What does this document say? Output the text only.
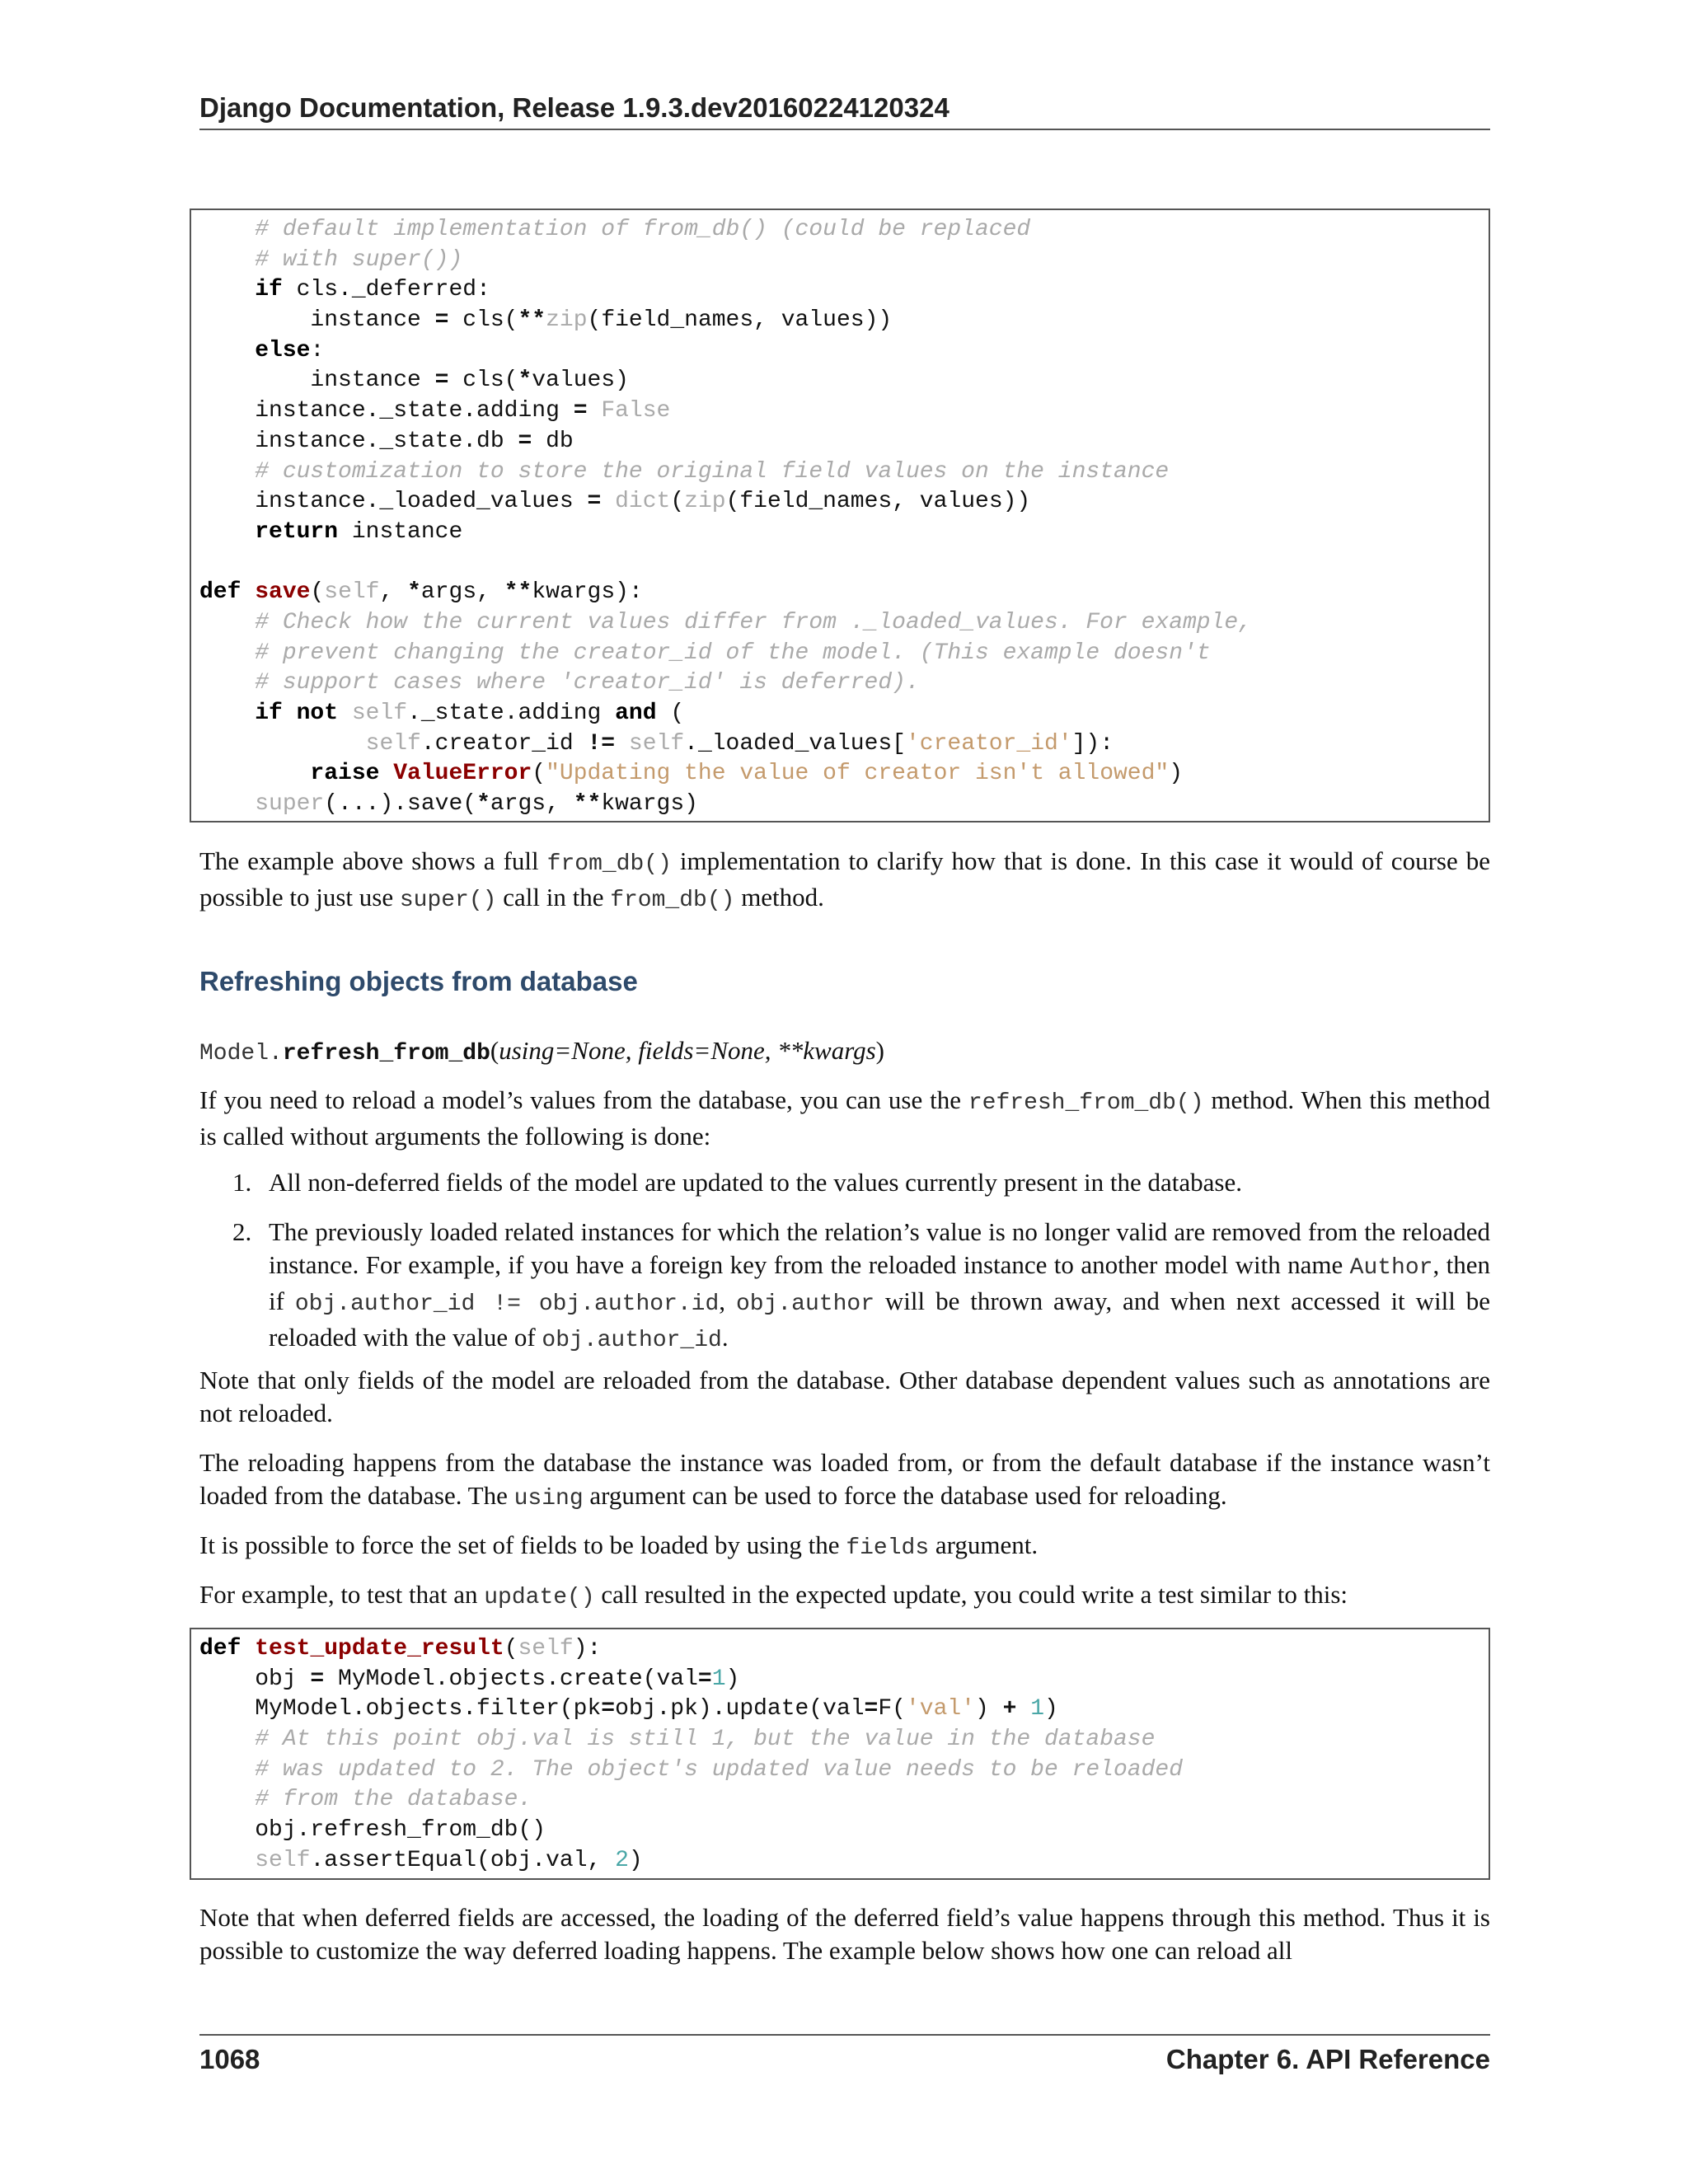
Django Documentation, Release 1.9.3.dev20160224120324
# default implementation of from_db() (could be replaced
# with super())
if cls._deferred:
instance = cls(**zip(field_names, values))
else:
instance = cls(*values)
instance._state.adding = False
instance._state.db = db
# customization to store the original field values on the instance
instance._loaded_values = dict(zip(field_names, values))
return instance
def save(self, *args, **kwargs):
# Check how the current values differ from ._loaded_values. For example,
# prevent changing the creator_id of the model. (This example doesn't
# support cases where 'creator_id' is deferred).
if not self._state.adding and (
self.creator_id != self._loaded_values['creator_id']):
raise ValueError("Updating the value of creator isn't allowed")
super(...).save(*args, **kwargs)
The example above shows a full from_db() implementation to clarify how that is done. In this case it would of course be possible to just use super() call in the from_db() method.
Refreshing objects from database
Model.refresh_from_db(using=None, fields=None, **kwargs)
If you need to reload a model’s values from the database, you can use the refresh_from_db() method. When this method is called without arguments the following is done:
1. All non-deferred fields of the model are updated to the values currently present in the database.
2. The previously loaded related instances for which the relation’s value is no longer valid are removed from the reloaded instance. For example, if you have a foreign key from the reloaded instance to another model with name Author, then if obj.author_id != obj.author.id, obj.author will be thrown away, and when next accessed it will be reloaded with the value of obj.author_id.
Note that only fields of the model are reloaded from the database. Other database dependent values such as annotations are not reloaded.
The reloading happens from the database the instance was loaded from, or from the default database if the instance wasn’t loaded from the database. The using argument can be used to force the database used for reloading.
It is possible to force the set of fields to be loaded by using the fields argument.
For example, to test that an update() call resulted in the expected update, you could write a test similar to this:
def test_update_result(self):
obj = MyModel.objects.create(val=1)
MyModel.objects.filter(pk=obj.pk).update(val=F('val') + 1)
# At this point obj.val is still 1, but the value in the database
# was updated to 2. The object's updated value needs to be reloaded
# from the database.
obj.refresh_from_db()
self.assertEqual(obj.val, 2)
Note that when deferred fields are accessed, the loading of the deferred field’s value happens through this method. Thus it is possible to customize the way deferred loading happens. The example below shows how one can reload all
1068	Chapter 6. API Reference
